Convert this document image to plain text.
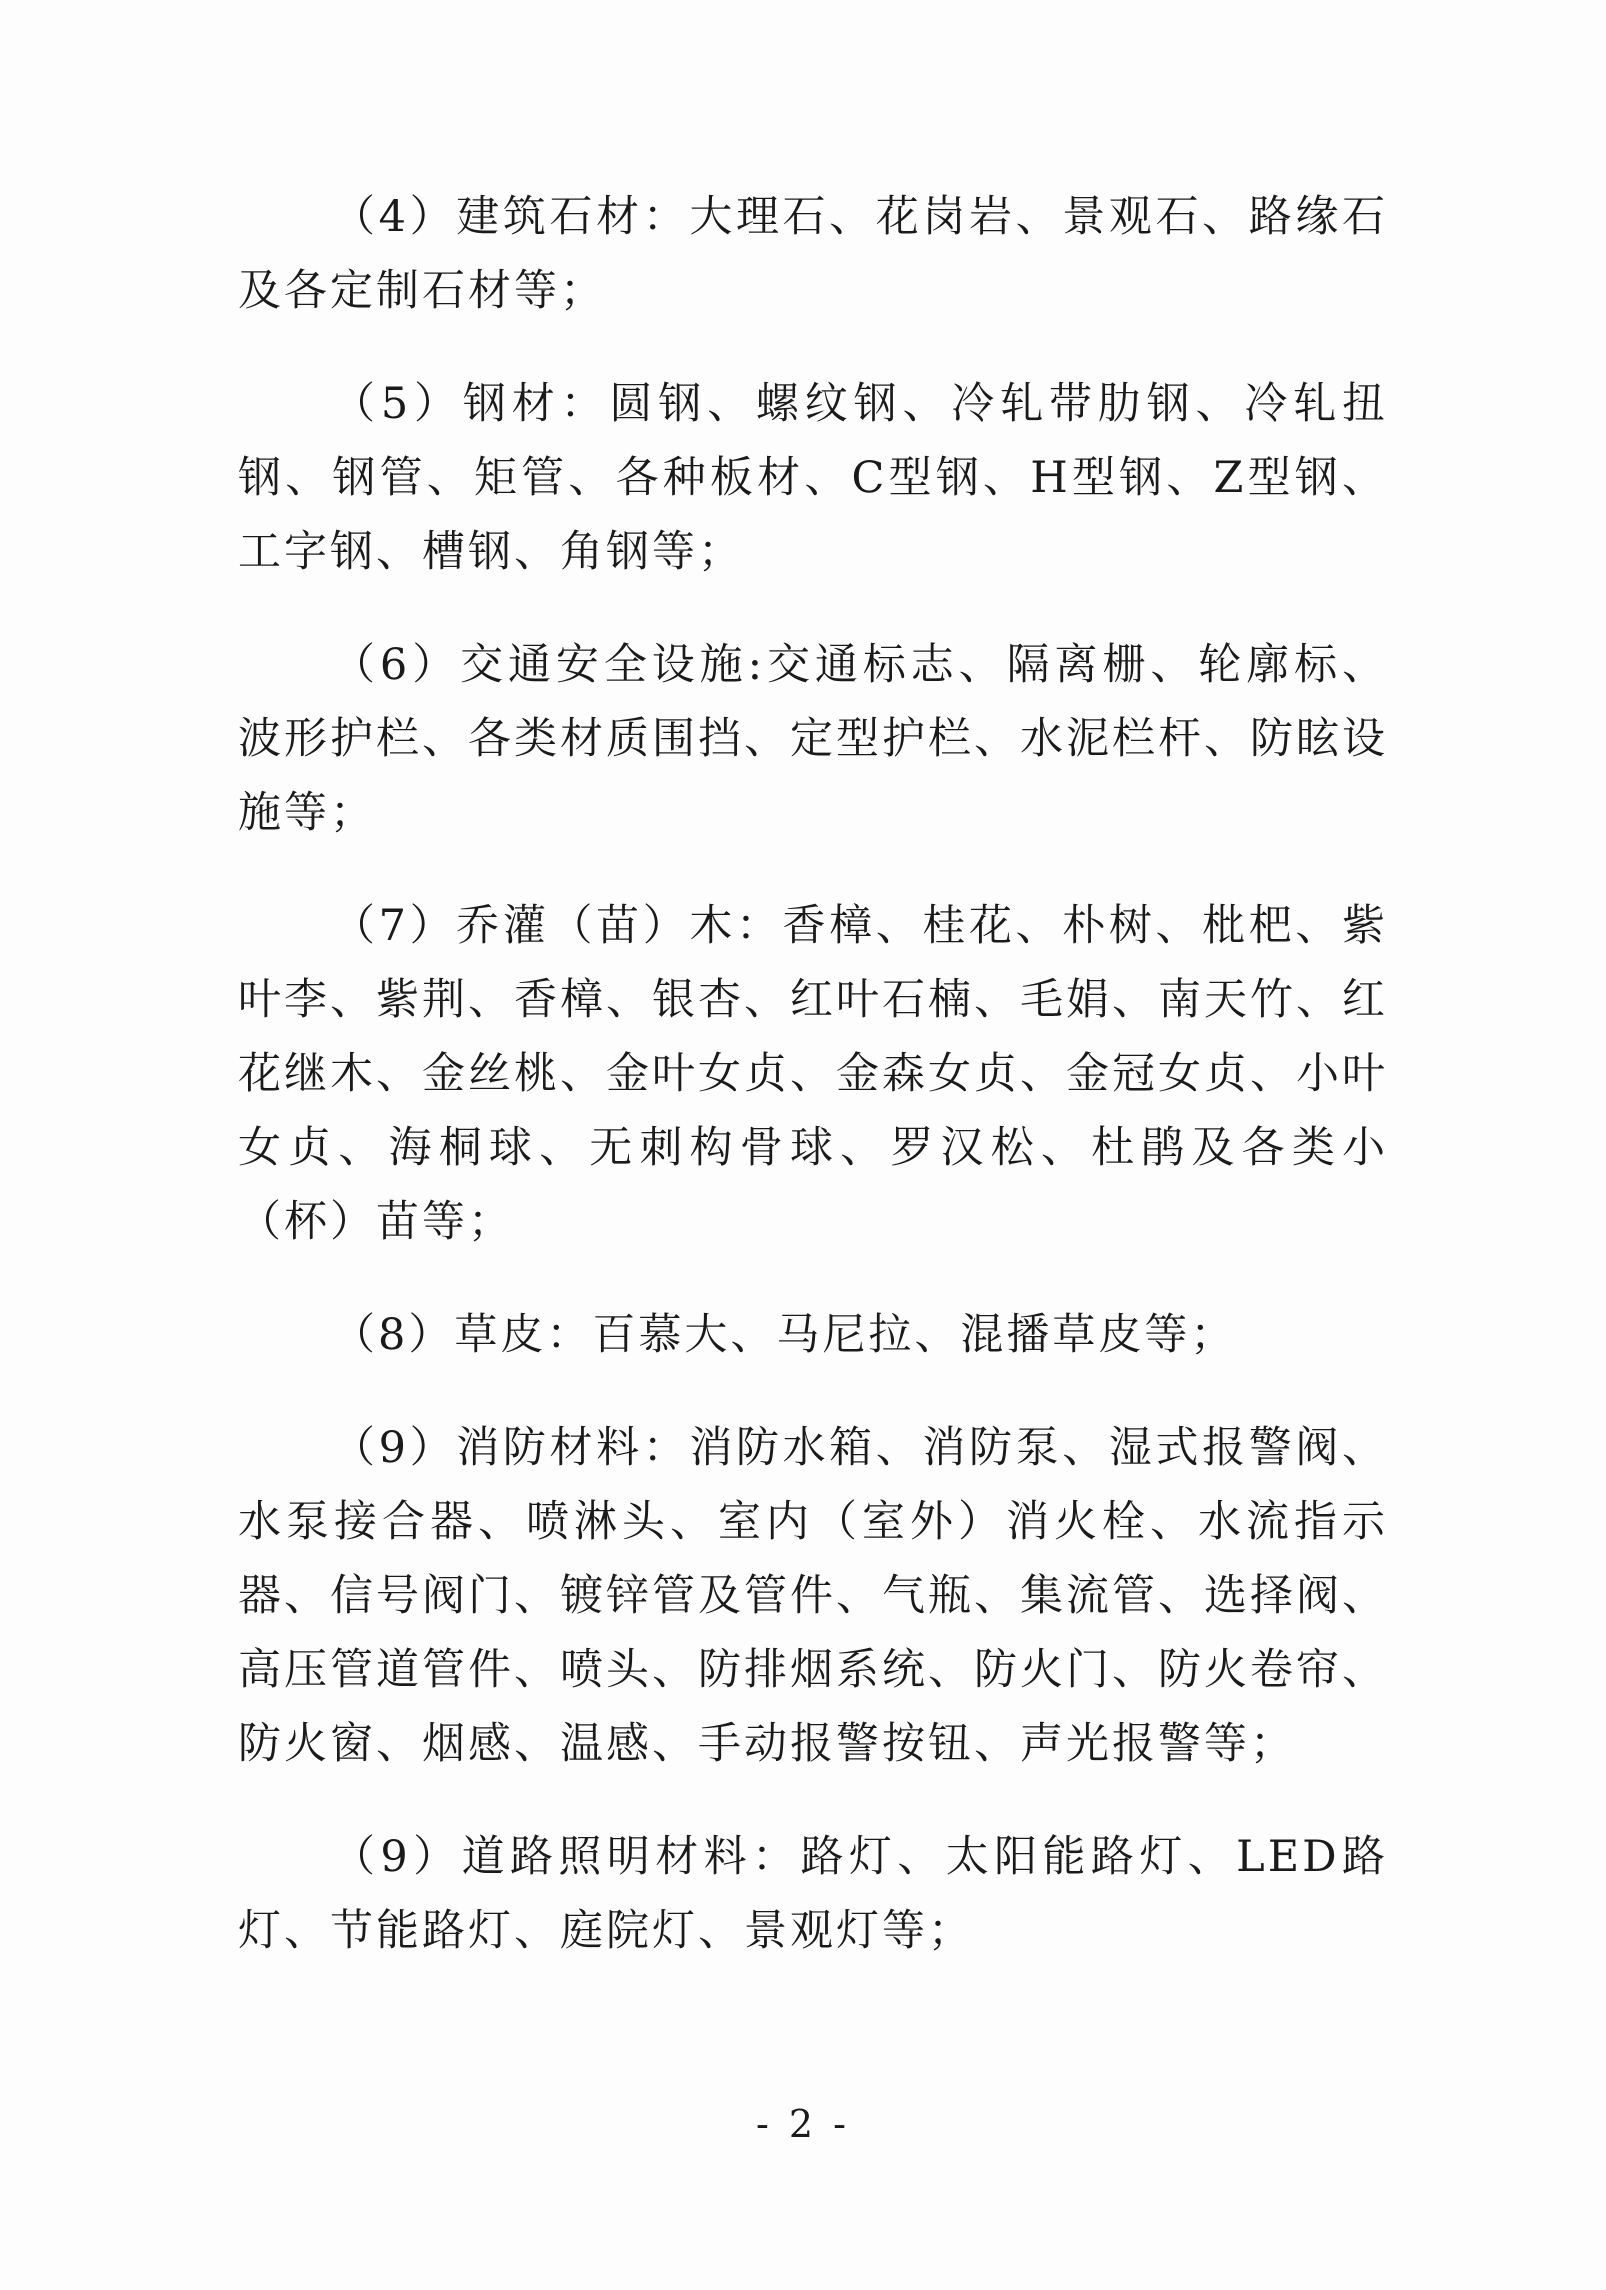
（4）建筑石材：大理石、花岗岩、景观石、路缘石及各定制石材等；

（5）钢材：圆钢、螺纹钢、冷轧带肋钢、冷轧扭钢、钢管、矩管、各种板材、C型钢、H型钢、Z型钢、工字钢、槽钢、角钢等；

（6）交通安全设施:交通标志、隔离栅、轮廓标、波形护栏、各类材质围挡、定型护栏、水泥栏杆、防眩设施等；

（7）乔灌（苗）木：香樟、桂花、朴树、枇杷、紫叶李、紫荆、香樟、银杏、红叶石楠、毛娟、南天竹、红花继木、金丝桃、金叶女贞、金森女贞、金冠女贞、小叶女贞、海桐球、无刺构骨球、罗汉松、杜鹃及各类小（杯）苗等；

（8）草皮：百慕大、马尼拉、混播草皮等；

（9）消防材料：消防水箱、消防泵、湿式报警阀、水泵接合器、喷淋头、室内（室外）消火栓、水流指示器、信号阀门、镀锌管及管件、气瓶、集流管、选择阀、高压管道管件、喷头、防排烟系统、防火门、防火卷帘、防火窗、烟感、温感、手动报警按钮、声光报警等；

（9）道路照明材料：路灯、太阳能路灯、LED路灯、节能路灯、庭院灯、景观灯等；

- 2 -
